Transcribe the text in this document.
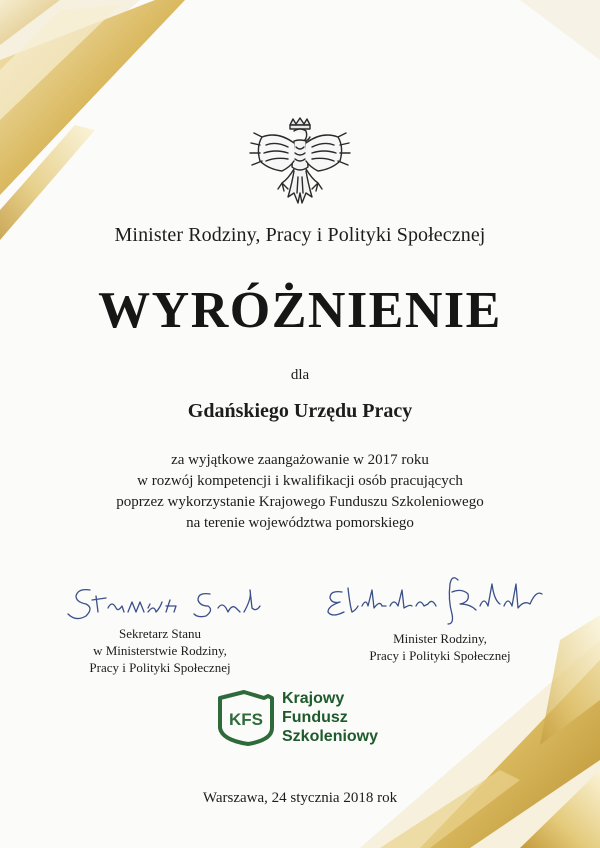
Minister Rodziny, Pracy i Polityki Społecznej
WYRÓŻNIENIE
dla
Gdańskiego Urzędu Pracy
za wyjątkowe zaangażowanie w 2017 roku
w rozwój kompetencji i kwalifikacji osób pracujących
poprzez wykorzystanie Krajowego Funduszu Szkoleniowego
na terenie województwa pomorskiego
Sekretarz Stanu
w Ministerstwie Rodziny,
Pracy i Polityki Społecznej
Minister Rodziny,
Pracy i Polityki Społecznej
KFS
Krajowy
Fundusz
Szkoleniowy
Warszawa, 24 stycznia 2018 rok
